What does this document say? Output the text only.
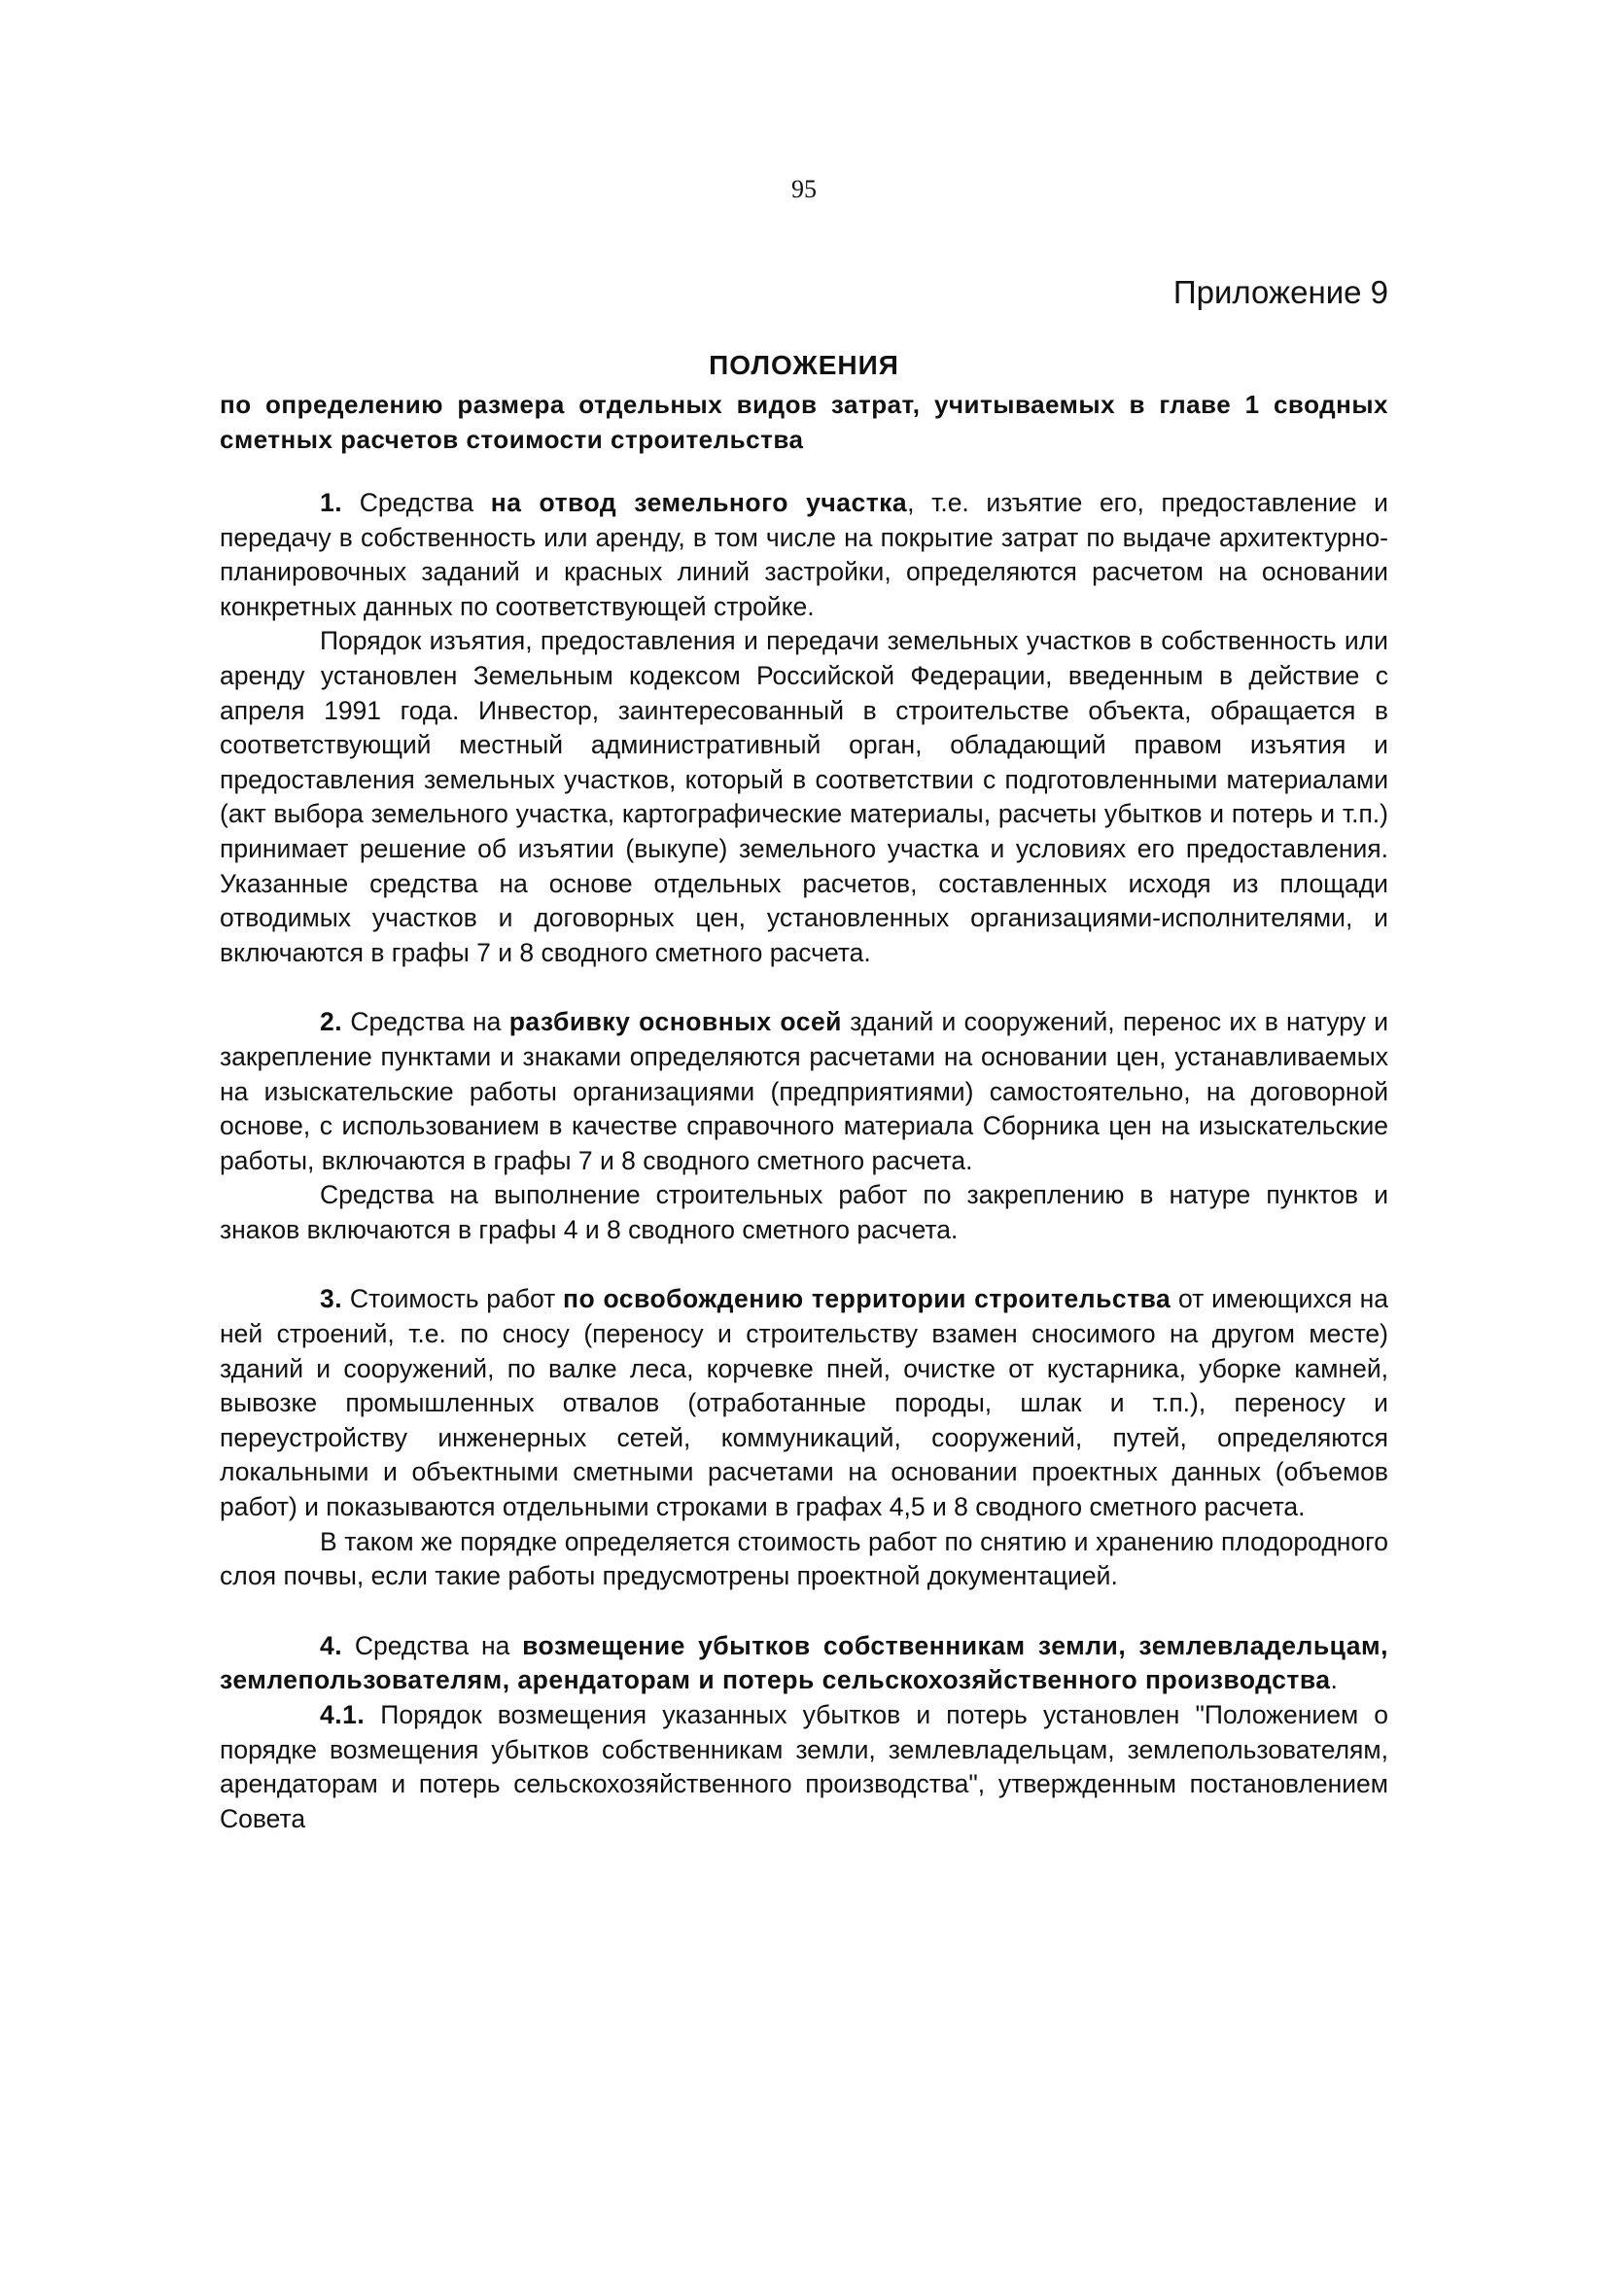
95
Приложение 9
ПОЛОЖЕНИЯ
по определению размера отдельных видов затрат, учитываемых в главе 1 сводных сметных расчетов стоимости строительства

1. Средства на отвод земельного участка, т.е. изъятие его, предоставление и передачу в собственность или аренду, в том числе на покрытие затрат по выдаче архитектурно-планировочных заданий и красных линий застройки, определяются расчетом на основании конкретных данных по соответствующей стройке.

Порядок изъятия, предоставления и передачи земельных участков в собственность или аренду установлен Земельным кодексом Российской Федерации, введенным в действие с апреля 1991 года. Инвестор, заинтересованный в строительстве объекта, обращается в соответствующий местный административный орган, обладающий правом изъятия и предоставления земельных участков, который в соответствии с подготовленными материалами (акт выбора земельного участка, картографические материалы, расчеты убытков и потерь и т.п.) принимает решение об изъятии (выкупе) земельного участка и условиях его предоставления. Указанные средства на основе отдельных расчетов, составленных исходя из площади отводимых участков и договорных цен, установленных организациями-исполнителями, и включаются в графы 7 и 8 сводного сметного расчета.

2. Средства на разбивку основных осей зданий и сооружений, перенос их в натуру и закрепление пунктами и знаками определяются расчетами на основании цен, устанавливаемых на изыскательские работы организациями (предприятиями) самостоятельно, на договорной основе, с использованием в качестве справочного материала Сборника цен на изыскательские работы, включаются в графы 7 и 8 сводного сметного расчета.

Средства на выполнение строительных работ по закреплению в натуре пунктов и знаков включаются в графы 4 и 8 сводного сметного расчета.

3. Стоимость работ по освобождению территории строительства от имеющихся на ней строений, т.е. по сносу (переносу и строительству взамен сносимого на другом месте) зданий и сооружений, по валке леса, корчевке пней, очистке от кустарника, уборке камней, вывозке промышленных отвалов (отработанные породы, шлак и т.п.), переносу и переустройству инженерных сетей, коммуникаций, сооружений, путей, определяются локальными и объектными сметными расчетами на основании проектных данных (объемов работ) и показываются отдельными строками в графах 4,5 и 8 сводного сметного расчета.

В таком же порядке определяется стоимость работ по снятию и хранению плодородного слоя почвы, если такие работы предусмотрены проектной документацией.

4. Средства на возмещение убытков собственникам земли, землевладельцам, землепользователям, арендаторам и потерь сельскохозяйственного производства.

4.1. Порядок возмещения указанных убытков и потерь установлен "Положением о порядке возмещения убытков собственникам земли, землевладельцам, землепользователям, арендаторам и потерь сельскохозяйственного производства", утвержденным постановлением Совета
